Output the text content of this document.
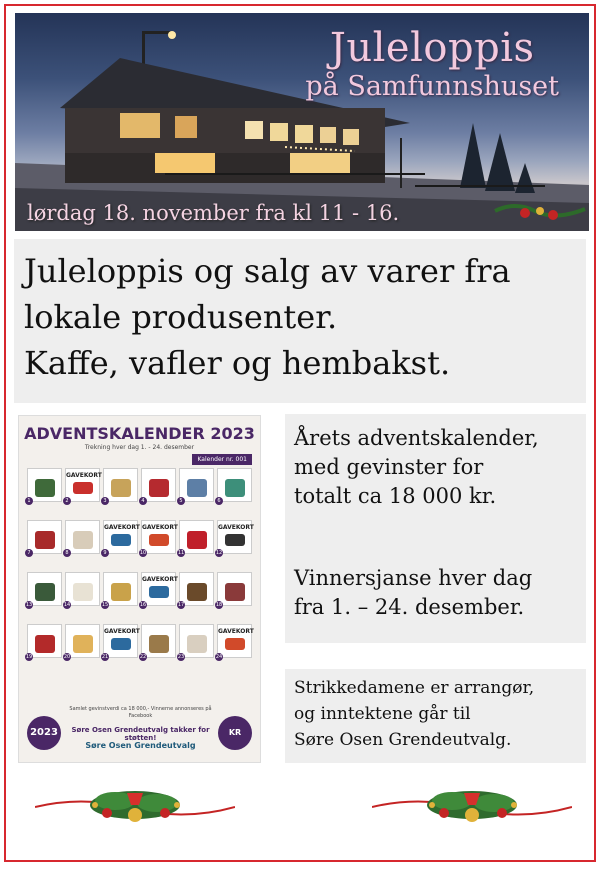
Juleloppis
på Samfunnshuset
lørdag 18. november fra kl 11 - 16.

Juleloppis og salg av varer fra

lokale produsenter.

Kaffe, vafler og hembakst.

ADVENTSKALENDER 2023
Trekning hver dag 1. - 24. desember
Kalender nr. 001
1
GAVEKORT
2	3	4	5	6
7	8
GAVEKORT
9
GAVEKORT
10	11
GAVEKORT
12
13	14	15
GAVEKORT
16	17	18
19	20
GAVEKORT
21	22	23
GAVEKORT
24
Samlet gevinstverdi ca 18 000,- Vinnerne annonseres på Facebook
2023	KR 150,-
Søre Osen Grendeutvalg takker for støtten!
Søre Osen Grendeutvalg
Årets adventskalender,
med gevinster for
totalt ca 18 000 kr.
Vinnersjanse hver dag
fra 1. – 24. desember.
Strikkedamene er arrangør,
og inntektene går til
Søre Osen Grendeutvalg.
